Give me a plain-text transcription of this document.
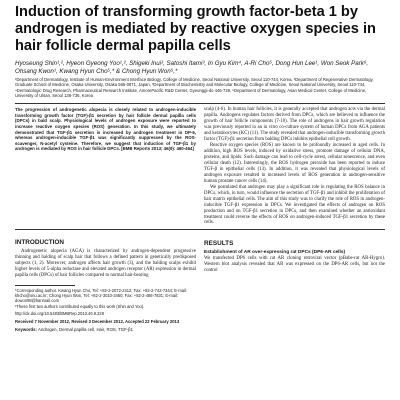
Induction of transforming growth factor-beta 1 by androgen is mediated by reactive oxygen species in hair follicle dermal papilla cells
Hyoseung Shin¹,², Hyeon Gyeong Yoo¹,², Shigeki Inui³, Satoshi Itami³, In Gyu Kim⁴, A-Ri Cho⁵, Dong Hun Lee¹, Won Seok Park⁶, Ohsang Kwon¹, Kwang Hyun Cho⁵,* & Chong Hyun Won⁵,*
¹Department of Dermatology, Institute of Human-Environment Interface Biology, College of Medicine, Seoul National University, Seoul 110-744, Korea, ²Department of Regenerative Dermatology, Graduate School of Medicine, Osaka University, Osaka 565-0871, Japan, ³Department of Biochemistry and Molecular Biology, College of Medicine, Seoul National University, Seoul 110-744, ⁴Dermatologic Drug Research, Pharmaceutical Research Institute, AmorePacific R&D Center, Gyeonggi-do 446-729, ⁵Department of Dermatology, Asan Medical Center, College of Medicine, University of Ulsan, Seoul 138-736, Korea
The progression of androgenetic alopecia is closely related to androgen-inducible transforming growth factor (TGF)-β1 secretion by hair follicle dermal papilla cells (DPCs) in bald scalp. Physiological levels of androgen exposure were reported to increase reactive oxygen species (ROS) generation. In this study, we ultimately demonstrated that TGF-β1 secretion is increased by androgen treatment in DP-6, whereas androgen-inducible TGF-β1 was significantly suppressed by the ROS-scavenger, N-acetyl cysteine. Therefore, we suggest that induction of TGF-β1 by androgen is mediated by ROS in hair follicle DPCs. [BMB Reports 2013; 46(9): 460-464]

scalp (4-6). In human hair follicles, it is generally accepted that androgen acts via the dermal papilla. Androgens regulates factors derived from DPCs, which are believed to influence the growth of hair follicle components (7-10). The role of androgens in hair growth regulation was previously reported in an in vitro co-culture system of human DPCs from AGA patients and keratinocytes (KC) (11). The study revealed that androgen-inducible transforming growth factor (TGF)-β1 secretion from balding DPCs inhibits epithelial cell growth.

Reactive oxygen species (ROS) are known to be profoundly increased in aged cells. In addition, high ROS levels, induced by oxidative stress, promote damage of cellular DNA, proteins, and lipids. Such damage can lead to cell-cycle arrest, cellular senescence, and even cellular death (12). Interestingly, the ROS hydrogen peroxide has been reported to induce TGF-β in epithelial cells (13). In addition, it was revealed that physiological levels of androgen exposure resulted in increased levels of ROS generation in androgen-sensitive human prostate cancer cells (14).

We postulated that androgen may play a significant role in regulating the ROS balance in DPCs, which, in turn, would influence the secretion of TGF-β1 and inhibit the proliferation of hair matrix epithelial cells. The aim of this study was to clarify the role of ROS in androgen-inducible TGF-β1 expression in DPCs. We investigated the effects of androgen on ROS production and on TGF-β1 secretion in DPCs, and then examined whether an antioxidant treatment could reverse the effects of ROS on androgen-induced TGF-β1 secretion by these cells.

INTRODUCTION

Androgenetic alopecia (AGA) is characterized by androgen-dependent progressive thinning and balding of scalp hair that follows a defined pattern in genetically predisposed subjects (1, 2). Moreover, androgen affects hair growth (3), and the balding scalps exhibit higher levels of 5-alpha reductase and elevated androgen receptor (AR) expression in dermal papilla cells (DPCs) of hair follicles compared to normal hair-bearing

*Corresponding author. Kwang Hyun Cho, Tel: +82-2-2072-2412; Fax: +82-2-742-7344; E-mail: khcho@snu.ac.kr; Chong Hyun Won, Tel: +82-2-3010-3460; Fax: +82-2-486-7831; E-mail: dowon98@hanmail.com

¹These first two authors contributed equally to this work (Shin and Yoo).

http://dx.doi.org/10.5483/BMBRep.2013.46.9.228

Received 7 November 2012, Revised 3 December 2012, Accepted 22 February 2013
Keywords: Androgen, Dermal papilla cell, Hair, ROS, TGF-β1
RESULTS
Establishment of AR over-expressing rat DPCs (DP6-AR cells)

We transfected DP6 cells with rat AR cloning retroviral vector (pBabe-rat AR-Hygro). Western blot analysis revealed that AR was expressed on the DP6-AR cells, but not the control
